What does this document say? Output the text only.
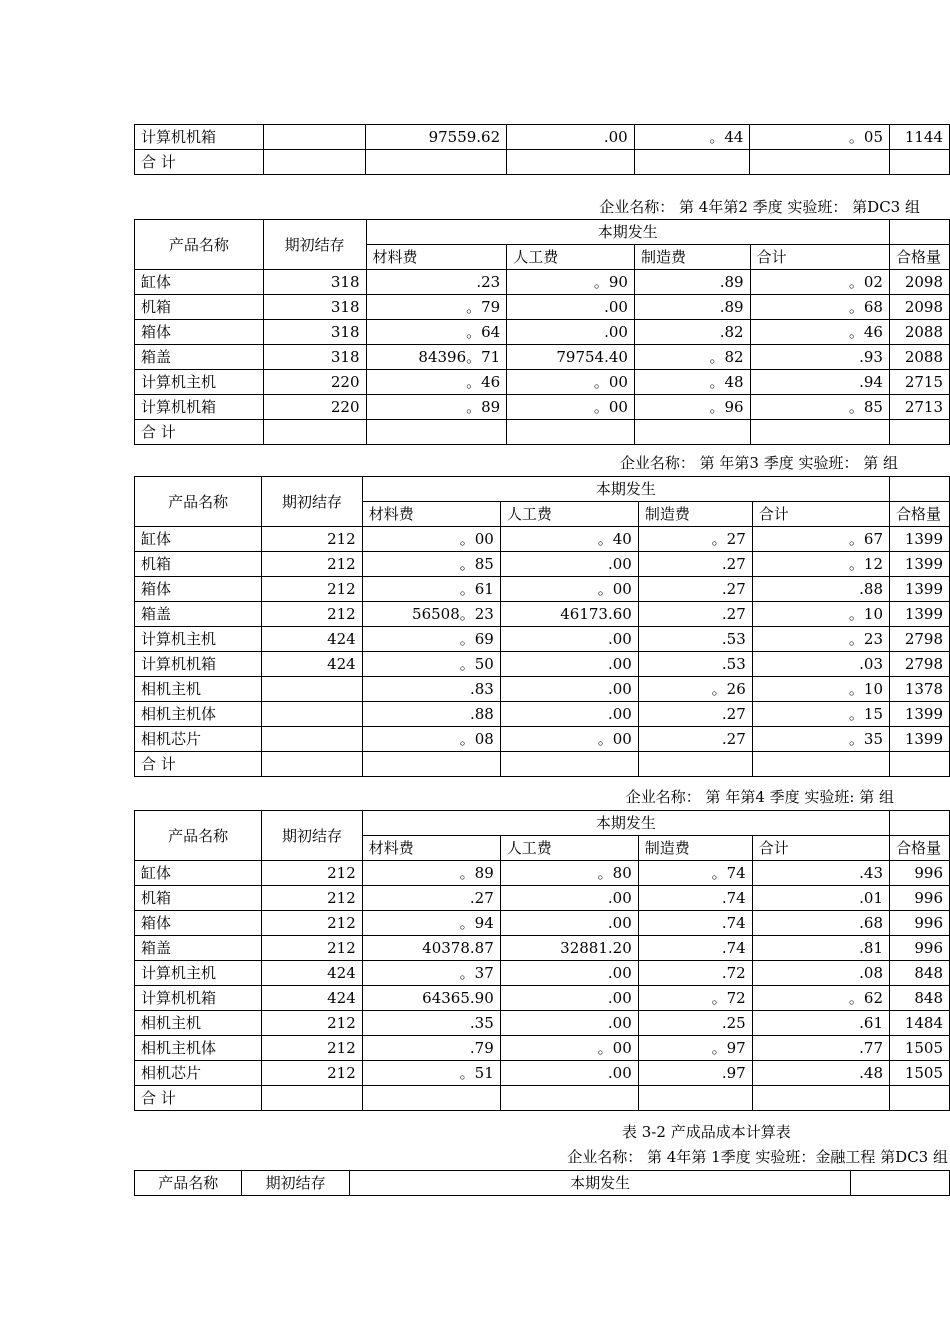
计算机机箱		97559.62	.00	。44	。05	1144
合 计						
企业名称： 第 4年第2 季度 实验班： 第DC3 组
产品名称	期初结存	本期发生				
		材料费	人工费	制造费	合计	合格量
缸体	318	.23	。90	.89	。02	2098
机箱	318	。79	.00	.89	。68	2098
箱体	318	。64	.00	.82	。46	2088
箱盖	318	84396。71	79754.40	。82	.93	2088
计算机主机	220	。46	。00	。48	.94	2715
计算机机箱	220	。89	。00	。96	。85	2713
合 计						
企业名称： 第 年第3 季度 实验班： 第 组
产品名称	期初结存	本期发生				
		材料费	人工费	制造费	合计	合格量
缸体	212	。00	。40	。27	。67	1399
机箱	212	。85	.00	.27	。12	1399
箱体	212	。61	。00	.27	.88	1399
箱盖	212	56508。23	46173.60	.27	。10	1399
计算机主机	424	。69	.00	.53	。23	2798
计算机机箱	424	。50	.00	.53	.03	2798
相机主机		.83	.00	。26	。10	1378
相机主机体		.88	.00	.27	。15	1399
相机芯片		。08	。00	.27	。35	1399
合 计						
企业名称： 第 年第4 季度 实验班: 第 组
产品名称	期初结存	本期发生				
		材料费	人工费	制造费	合计	合格量
缸体	212	。89	。80	。74	.43	996
机箱	212	.27	.00	.74	.01	996
箱体	212	。94	.00	.74	.68	996
箱盖	212	40378.87	32881.20	.74	.81	996
计算机主机	424	。37	.00	.72	.08	848
计算机机箱	424	64365.90	.00	。72	。62	848
相机主机	212	.35	.00	.25	.61	1484
相机主机体	212	.79	。00	。97	.77	1505
相机芯片	212	。51	.00	.97	.48	1505
合 计						
表 3-2 产成品成本计算表
企业名称： 第 4年第 1季度 实验班：金融工程 第DC3 组
产品名称	期初结存	本期发生	
